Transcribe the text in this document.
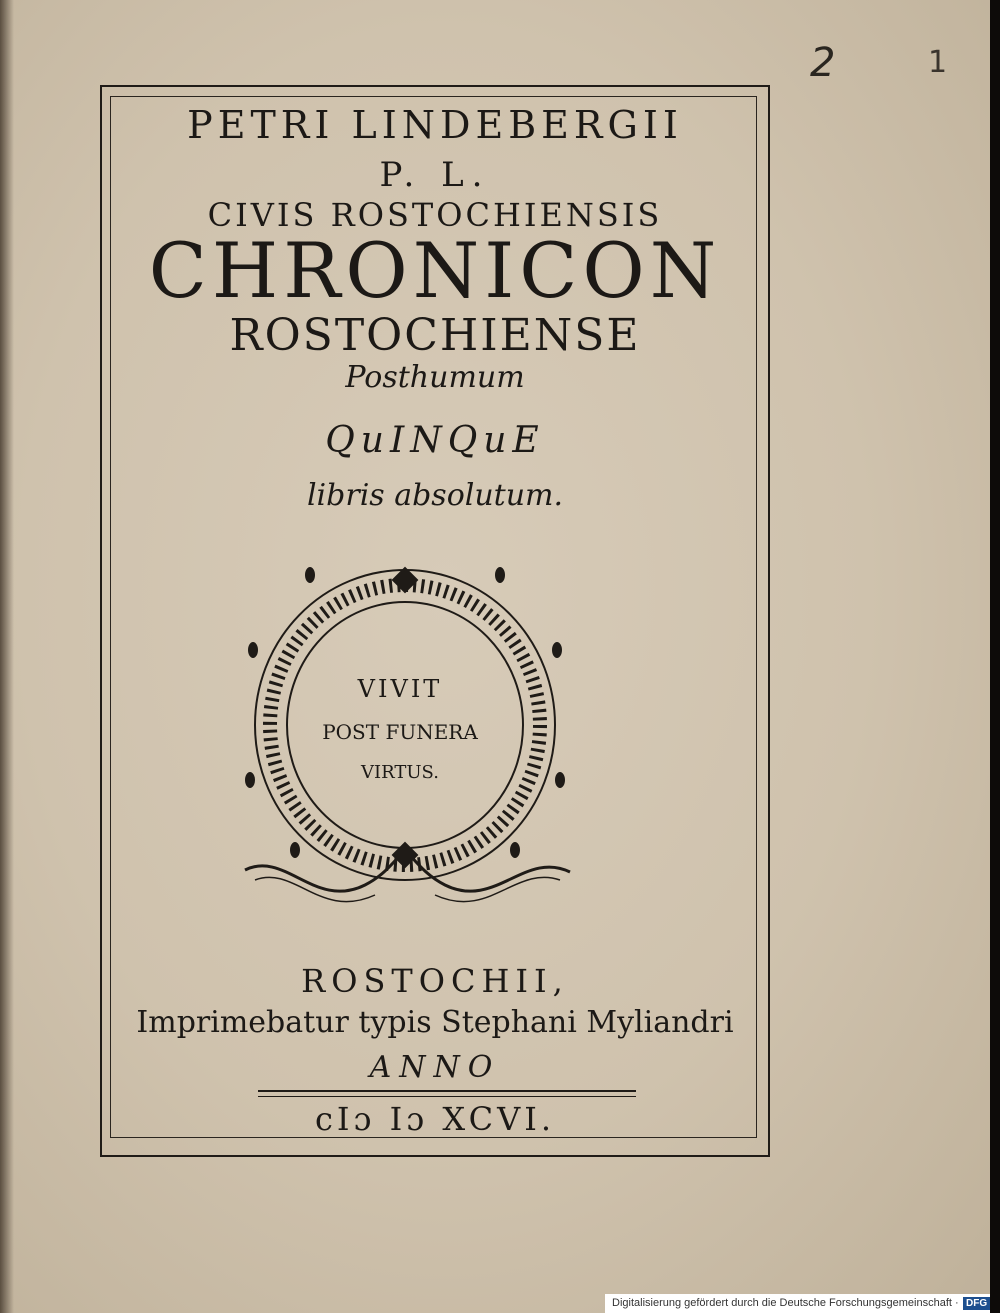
PETRI LINDEBERGII
P. L.
CIVIS ROSTOCHIENSIS
CHRONICON
ROSTOCHIENSE
Posthumum
QuINQuE
libris absolutum.
VIVIT
POST FUNERA
VIRTUS.
ROSTOCHII,
Imprimebatur typis Stephani Myliandri
ANNO
cIɔ Iɔ XCVI.
2	1
Digitalisierung gefördert durch die Deutsche Forschungsgemeinschaft · DFG
